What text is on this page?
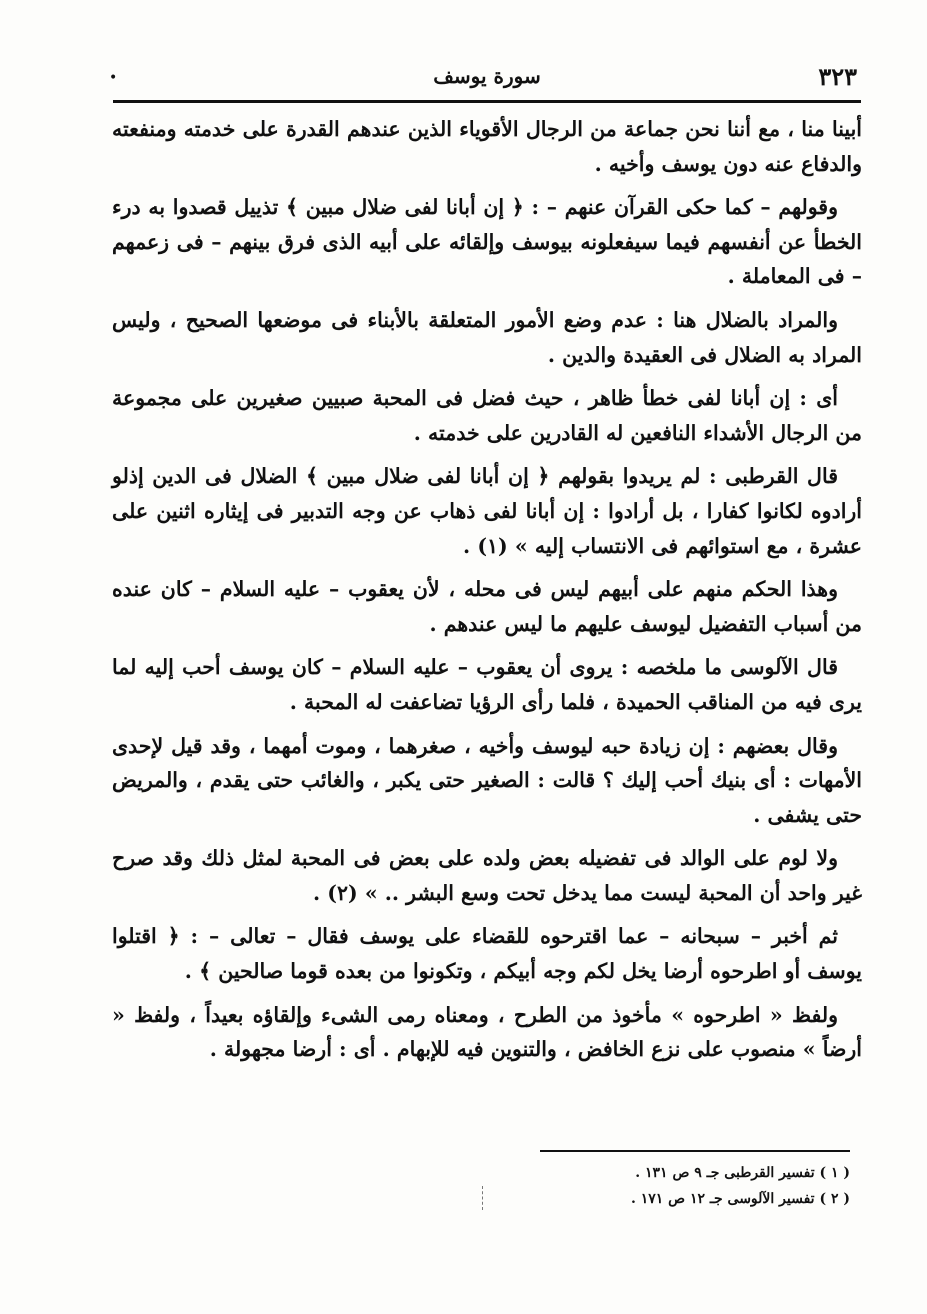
٣٢٣
سورة يوسف
•

أبينا منا ، مع أننا نحن جماعة من الرجال الأقوياء الذين عندهم القدرة على خدمته ومنفعته والدفاع عنه دون يوسف وأخيه .

وقولهم – كما حكى القرآن عنهم – : ﴿ إن أبانا لفى ضلال مبين ﴾ تذييل قصدوا به درء الخطأ عن أنفسهم فيما سيفعلونه بيوسف وإلقائه على أبيه الذى فرق بينهم – فى زعمهم – فى المعاملة .

والمراد بالضلال هنا : عدم وضع الأمور المتعلقة بالأبناء فى موضعها الصحيح ، وليس المراد به الضلال فى العقيدة والدين .

أى : إن أبانا لفى خطأ ظاهر ، حيث فضل فى المحبة صبيين صغيرين على مجموعة من الرجال الأشداء النافعين له القادرين على خدمته .

قال القرطبى : لم يريدوا بقولهم ﴿ إن أبانا لفى ضلال مبين ﴾ الضلال فى الدين إذلو أرادوه لكانوا كفارا ، بل أرادوا : إن أبانا لفى ذهاب عن وجه التدبير فى إيثاره اثنين على عشرة ، مع استوائهم فى الانتساب إليه » (١) .

وهذا الحكم منهم على أبيهم ليس فى محله ، لأن يعقوب – عليه السلام – كان عنده من أسباب التفضيل ليوسف عليهم ما ليس عندهم .

قال الآلوسى ما ملخصه : يروى أن يعقوب – عليه السلام – كان يوسف أحب إليه لما يرى فيه من المناقب الحميدة ، فلما رأى الرؤيا تضاعفت له المحبة .

وقال بعضهم : إن زيادة حبه ليوسف وأخيه ، صغرهما ، وموت أمهما ، وقد قيل لإحدى الأمهات : أى بنيك أحب إليك ؟ قالت : الصغير حتى يكبر ، والغائب حتى يقدم ، والمريض حتى يشفى .

ولا لوم على الوالد فى تفضيله بعض ولده على بعض فى المحبة لمثل ذلك وقد صرح غير واحد أن المحبة ليست مما يدخل تحت وسع البشر .. » (٢) .

ثم أخبر – سبحانه – عما اقترحوه للقضاء على يوسف فقال – تعالى – : ﴿ اقتلوا يوسف أو اطرحوه أرضا يخل لكم وجه أبيكم ، وتكونوا من بعده قوما صالحين ﴾ .

ولفظ « اطرحوه » مأخوذ من الطرح ، ومعناه رمى الشىء وإلقاؤه بعيداً ، ولفظ « أرضاً » منصوب على نزع الخافض ، والتنوين فيه للإبهام . أى : أرضا مجهولة .

( ١ ) تفسير القرطبى جـ ٩ ص ١٣١ .
( ٢ ) تفسير الآلوسى جـ ١٢ ص ١٧١ .
